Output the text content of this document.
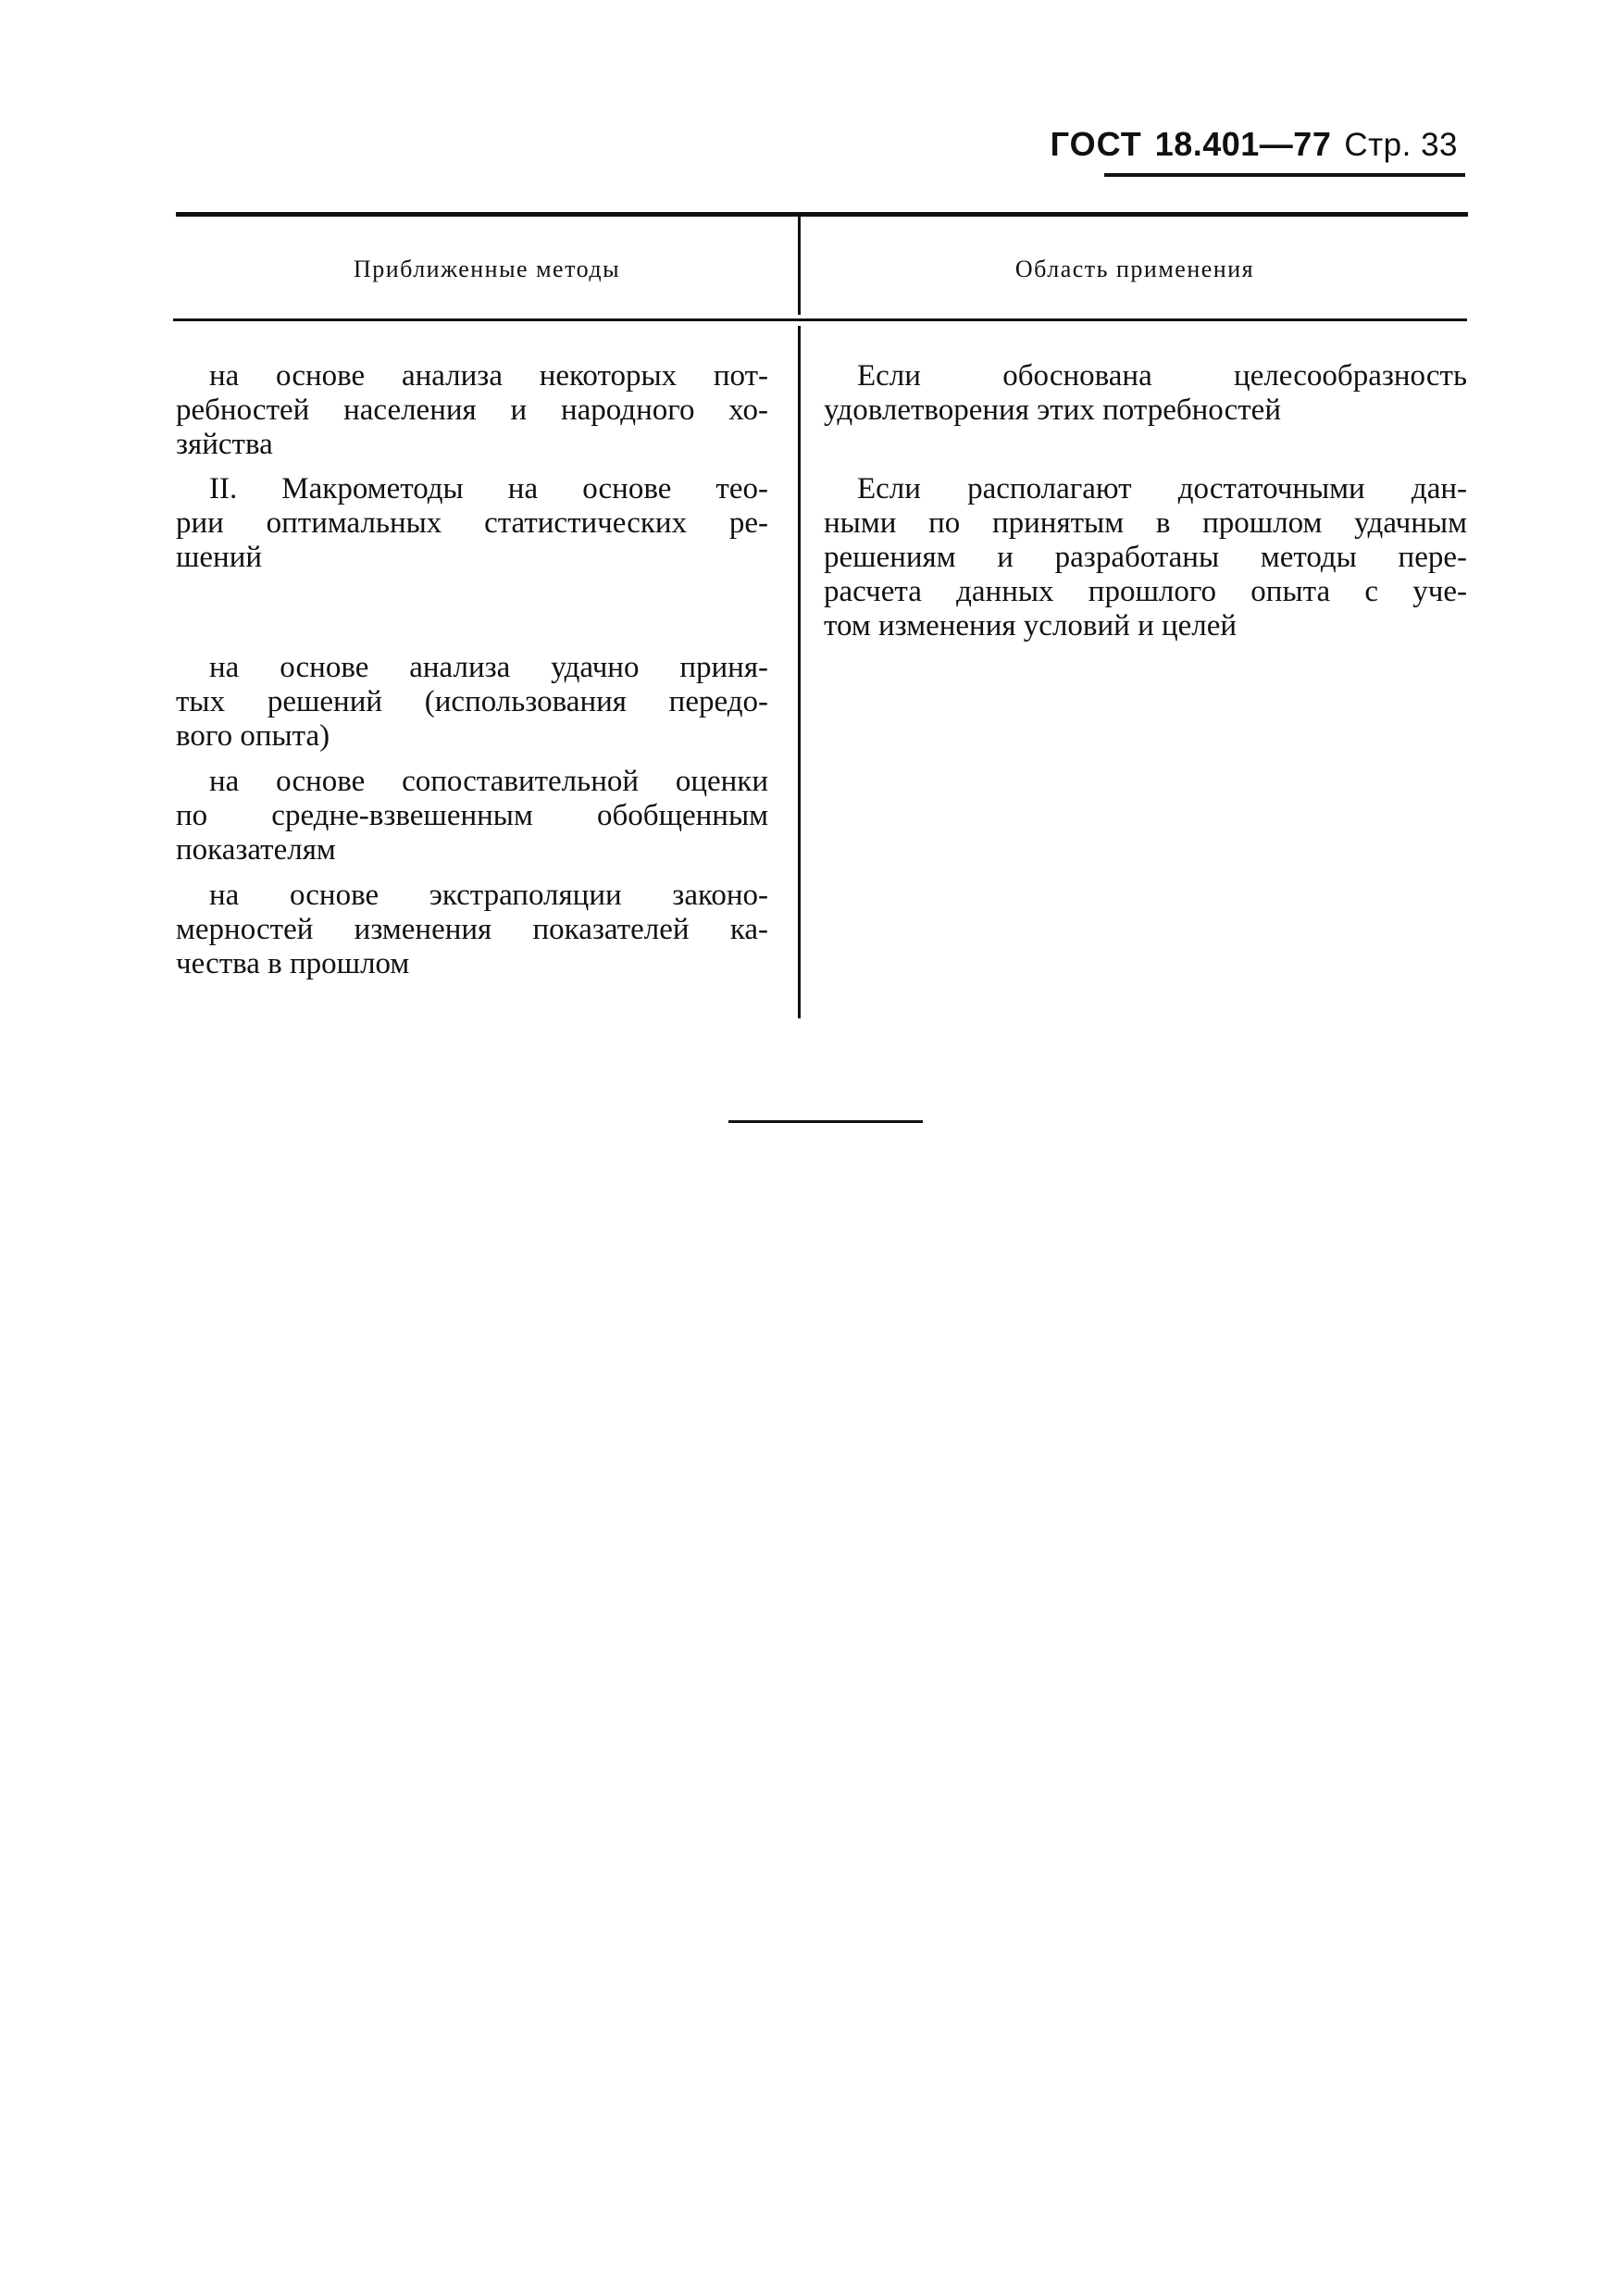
ГОСТ 18.401—77 Стр. 33
Приближенные методы	Область применения
на основе анализа некоторых пот-
ребностей населения и народного хо-
зяйства
II. Макрометоды на основе тео-
рии оптимальных статистических ре-
шений
на основе анализа удачно приня-
тых решений (использования передо-
вого опыта)
на основе сопоставительной оценки
по средне-взвешенным обобщенным
показателям
на основе экстраполяции законо-
мерностей изменения показателей ка-
чества в прошлом
Если обоснована целесообразность
удовлетворения этих потребностей
Если располагают достаточными дан-
ными по принятым в прошлом удачным
решениям и разработаны методы пере-
расчета данных прошлого опыта с уче-
том изменения условий и целей
